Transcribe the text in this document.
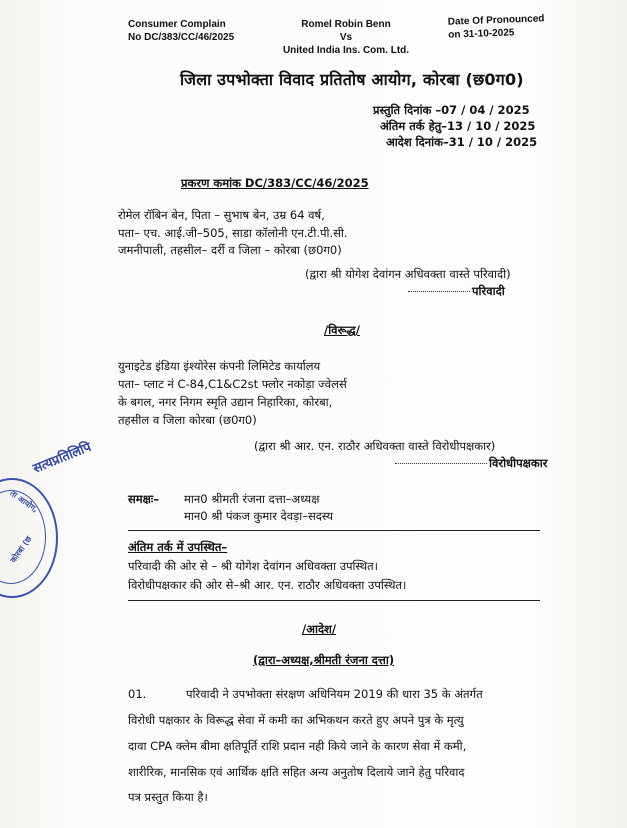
Consumer Complain
No DC/383/CC/46/2025
Romel Robin Benn
Vs
United India Ins. Com. Ltd.
Date Of Pronounced
on 31-10-2025
जिला उपभोक्ता विवाद प्रतितोष आयोग, कोरबा (छ0ग0)
प्रस्तुति दिनांक –07 / 04 / 2025
अंतिम तर्क हेतु–13 / 10 / 2025
आदेश दिनांक–31 / 10 / 2025
प्रकरण कमांक DC/383/CC/46/2025
रोमेल रॉबिन बेन, पिता – सुभाष बेन, उम्र 64 वर्ष,
पता– एच. आई.जी–505, साडा कॉलोनी एन.टी.पी.सी.
जमनीपाली, तहसील– दर्री व जिला – कोरबा (छ0ग0)
(द्वारा श्री योगेश देवांगन अधिवक्ता वास्ते परिवादी)
परिवादी
/विरूद्ध/
युनाइटेड इंडिया इंश्योरेस कंपनी लिमिटेड कार्यालय
पता– प्लाट नं C-84,C1&C2st फ्लोर नकोड़ा ज्वेलर्स
के बगल, नगर निगम स्मृति उद्यान निहारिका, कोरबा,
तहसील व जिला कोरबा (छ0ग0)
(द्वारा श्री आर. एन. राठौर अधिवक्ता वास्ते विरोधीपक्षकार)
विरोधीपक्षकार
सत्यप्रतिलिपि
ता आयोग,
कोरबा (छ
समक्षः– मान0 श्रीमती रंजना दत्ता–अध्यक्ष
मान0 श्री पंकज कुमार देवड़ा–सदस्य
अंतिम तर्क में उपस्थित–
परिवादी की ओर से – श्री योगेश देवांगन अधिवक्ता उपस्थित।
विरोधीपक्षकार की ओर से–श्री आर. एन. राठौर अधिवक्ता उपस्थित।
/आदेश/
(द्वारा–अध्यक्ष,श्रीमती रंजना दत्ता)
01.	परिवादी ने उपभोक्ता संरक्षण अधिनियम 2019 की धारा 35 के अंतर्गत
विरोधी पक्षकार के विरूद्ध सेवा में कमी का अभिकथन करते हुए अपने पुत्र के मृत्यु
दावा CPA क्लेम बीमा क्षतिपूर्ति राशि प्रदान नही किये जाने के कारण सेवा में कमी,
शारीरिक, मानसिक एवं आर्थिक क्षति सहित अन्य अनुतोष दिलाये जाने हेतु परिवाद
पत्र प्रस्तुत किया है।
